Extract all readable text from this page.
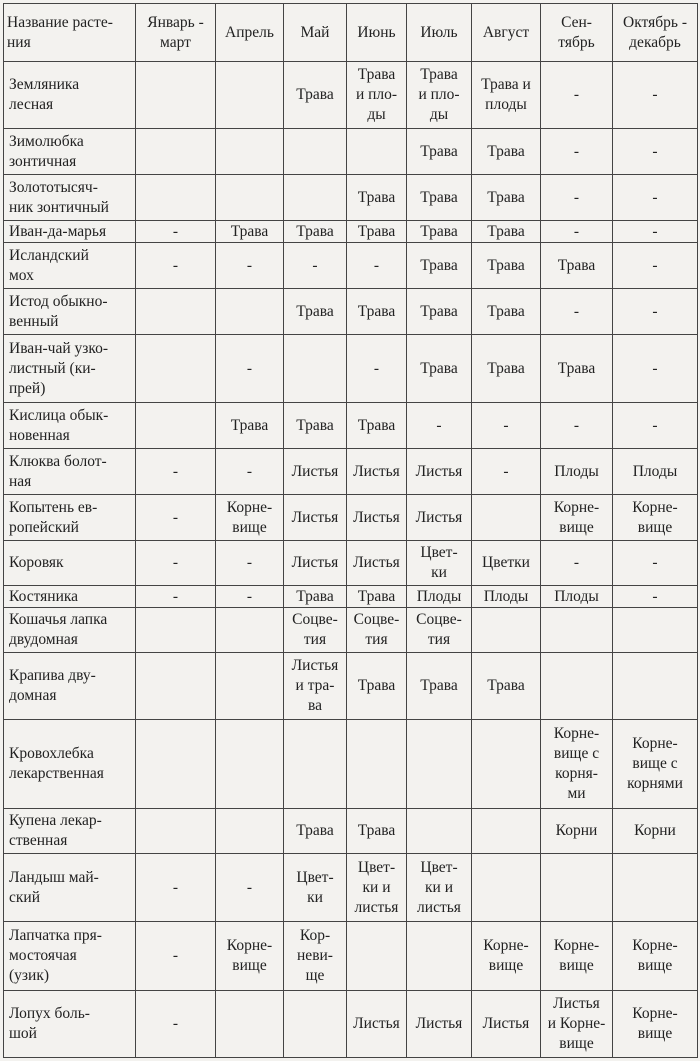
Название расте-
ния	Январь -
март	Апрель	Май	Июнь	Июль	Август	Сен-
тябрь	Октябрь -
декабрь

Земляника
лесная			Трава	Трава
и пло-
ды	Трава
и пло-
ды	Трава и
плоды	-	-

Зимолюбка
зонтичная					Трава	Трава	-	-

Золототысяч-
ник зонтичный				Трава	Трава	Трава	-	-

Иван-да-марья	-	Трава	Трава	Трава	Трава	Трава	-	-

Исландский
мох	-	-	-	-	Трава	Трава	Трава	-

Истод обыкно-
венный			Трава	Трава	Трава	Трава	-	-

Иван-чай узко-
листный (ки-
прей)		-		-	Трава	Трава	Трава	-

Кислица обык-
новенная		Трава	Трава	Трава	-	-	-	-

Клюква болот-
ная	-	-	Листья	Листья	Листья	-	Плоды	Плоды

Копытень ев-
ропейский	-	Корне-
вище	Листья	Листья	Листья		Корне-
вище	Корне-
вище

Коровяк	-	-	Листья	Листья	Цвет-
ки	Цветки	-	-

Костяника	-	-	Трава	Трава	Плоды	Плоды	Плоды	-

Кошачья лапка
двудомная			Соцве-
тия	Соцве-
тия	Соцве-
тия			

Крапива дву-
домная			Листья
и тра-
ва	Трава	Трава	Трава		

Кровохлебка
лекарственная							Корне-
вище с
корня-
ми	Корне-
вище с
корнями

Купена лекар-
ственная			Трава	Трава			Корни	Корни

Ландыш май-
ский	-	-	Цвет-
ки	Цвет-
ки и
листья	Цвет-
ки и
листья			

Лапчатка пря-
мостоячая
(узик)	-	Корне-
вище	Кор-
неви-
ще			Корне-
вище	Корне-
вище	Корне-
вище

Лопух боль-
шой	-			Листья	Листья	Листья	Листья
и Корне-
вище	Корне-
вище
